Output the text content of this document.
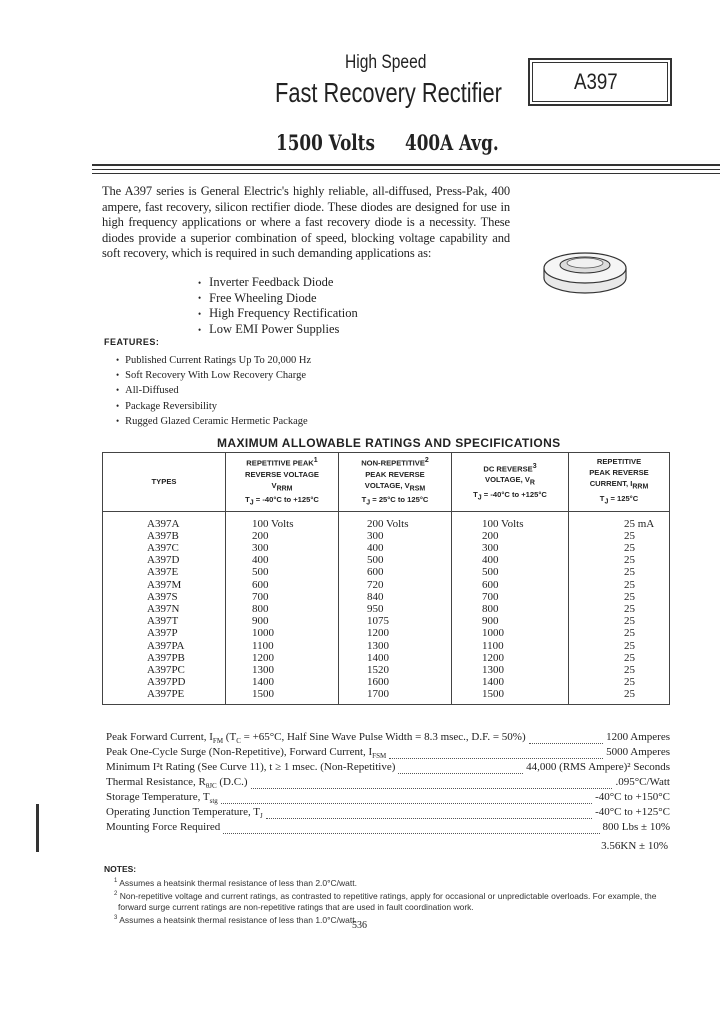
High Speed
Fast Recovery Rectifier	A397
1500 Volts 400A Avg.
The A397 series is General Electric's highly reliable, all-diffused, Press-Pak, 400 ampere, fast recovery, silicon rectifier diode. These diodes are designed for use in high frequency applications or where a fast recovery diode is a necessity. These diodes provide a superior combination of speed, blocking voltage capability and soft recovery, which is required in such demanding applications as:
• Inverter Feedback Diode
• Free Wheeling Diode
• High Frequency Rectification
• Low EMI Power Supplies
FEATURES:
• Published Current Ratings Up To 20,000 Hz
• Soft Recovery With Low Recovery Charge
• All-Diffused
• Package Reversibility
• Rugged Glazed Ceramic Hermetic Package
MAXIMUM ALLOWABLE RATINGS AND SPECIFICATIONS
TYPES	REPETITIVE PEAK$^1$
REVERSE VOLTAGE
$V_{RRM}$
$T_J = -40^\circ C$ to +125°C	NON-REPETITIVE$^2$
PEAK REVERSE
VOLTAGE, $V_{RSM}$
$T_J = 25^\circ C$ to 125°C	DC REVERSE$^3$
VOLTAGE, $V_R$
$T_J = -40^\circ C$ to +125°C	REPETITIVE
PEAK REVERSE
CURRENT, $I_{RRM}$
$T_J = 125^\circ C$
A397A	100 Volts	200 Volts	100 Volts	25 mA
A397B	200	300	200	25
A397C	300	400	300	25
A397D	400	500	400	25
A397E	500	600	500	25
A397M	600	720	600	25
A397S	700	840	700	25
A397N	800	950	800	25
A397T	900	1075	900	25
A397P	1000	1200	1000	25
A397PA	1100	1300	1100	25
A397PB	1200	1400	1200	25
A397PC	1300	1520	1300	25
A397PD	1400	1600	1400	25
A397PE	1500	1700	1500	25
Peak Forward Current, $I_{FM}$ ($T_C = +65^\circ C$, Half Sine Wave Pulse Width = 8.3 msec., D.F. = 50%)	1200 Amperes
Peak One-Cycle Surge (Non-Repetitive), Forward Current, $I_{FSM}$	5000 Amperes
Minimum I²t Rating (See Curve 11), t ≥ 1 msec. (Non-Repetitive)	44,000 (RMS Ampere)² Seconds
Thermal Resistance, $R_{\theta JC}$ (D.C.)	.095°C/Watt
Storage Temperature, $T_{stg}$	-40°C to +150°C
Operating Junction Temperature, $T_J$	-40°C to +125°C
Mounting Force Required	800 Lbs ± 10%
3.56KN ± 10%
NOTES:

$^1$ Assumes a heatsink thermal resistance of less than 2.0°C/watt.

$^2$ Non-repetitive voltage and current ratings, as contrasted to repetitive ratings, apply for occasional or unpredictable overloads. For example, the forward surge current ratings are non-repetitive ratings that are used in fault coordination work.

$^3$ Assumes a heatsink thermal resistance of less than 1.0°C/watt.

536
